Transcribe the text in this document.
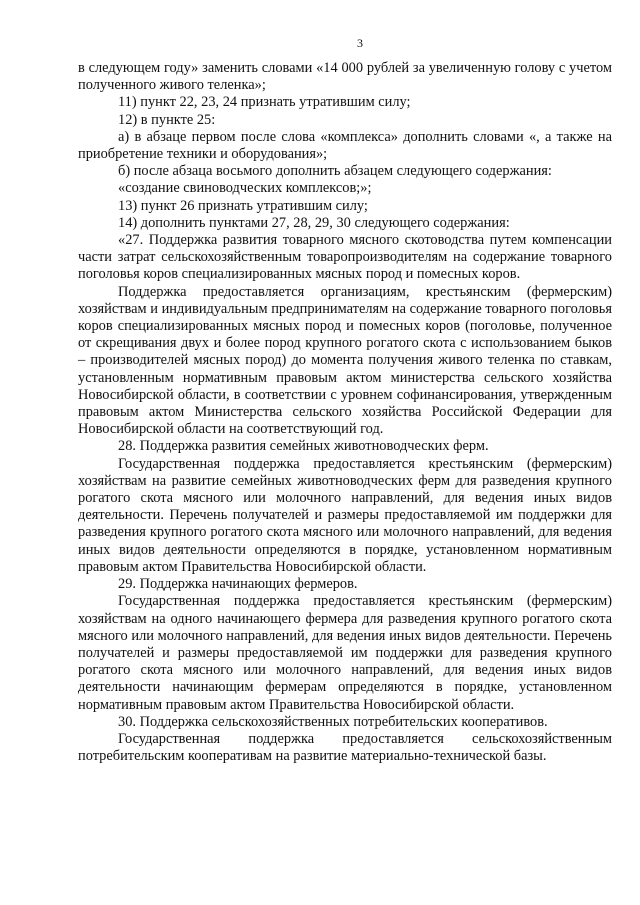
3

в следующем году» заменить словами «14 000 рублей за увеличенную голову с учетом полученного живого теленка»;

11) пункт 22, 23, 24 признать утратившим силу;

12) в пункте 25:

а) в абзаце первом после слова «комплекса» дополнить словами «, а также на приобретение техники и оборудования»;

б) после абзаца восьмого дополнить абзацем следующего содержания:

«создание свиноводческих комплексов;»;

13) пункт 26 признать утратившим силу;

14) дополнить пунктами 27, 28, 29, 30 следующего содержания:

«27. Поддержка развития товарного мясного скотоводства путем компенсации части затрат сельскохозяйственным товаропроизводителям на содержание товарного поголовья коров специализированных мясных пород и помесных коров.

Поддержка предоставляется организациям, крестьянским (фермерским) хозяйствам и индивидуальным предпринимателям на содержание товарного поголовья коров специализированных мясных пород и помесных коров (поголовье, полученное от скрещивания двух и более пород крупного рогатого скота с использованием быков – производителей мясных пород) до момента получения живого теленка по ставкам, установленным нормативным правовым актом министерства сельского хозяйства Новосибирской области, в соответствии с уровнем софинансирования, утвержденным правовым актом Министерства сельского хозяйства Российской Федерации для Новосибирской области на соответствующий год.

28. Поддержка развития семейных животноводческих ферм.

Государственная поддержка предоставляется крестьянским (фермерским) хозяйствам на развитие семейных животноводческих ферм для разведения крупного рогатого скота мясного или молочного направлений, для ведения иных видов деятельности. Перечень получателей и размеры предоставляемой им поддержки для разведения крупного рогатого скота мясного или молочного направлений, для ведения иных видов деятельности определяются в порядке, установленном нормативным правовым актом Правительства Новосибирской области.

29. Поддержка начинающих фермеров.

Государственная поддержка предоставляется крестьянским (фермерским) хозяйствам на одного начинающего фермера для разведения крупного рогатого скота мясного или молочного направлений, для ведения иных видов деятельности. Перечень получателей и размеры предоставляемой им поддержки для разведения крупного рогатого скота мясного или молочного направлений, для ведения иных видов деятельности начинающим фермерам определяются в порядке, установленном нормативным правовым актом Правительства Новосибирской области.

30. Поддержка сельскохозяйственных потребительских кооперативов.

Государственная поддержка предоставляется сельскохозяйственным потребительским кооперативам на развитие материально-технической базы.
